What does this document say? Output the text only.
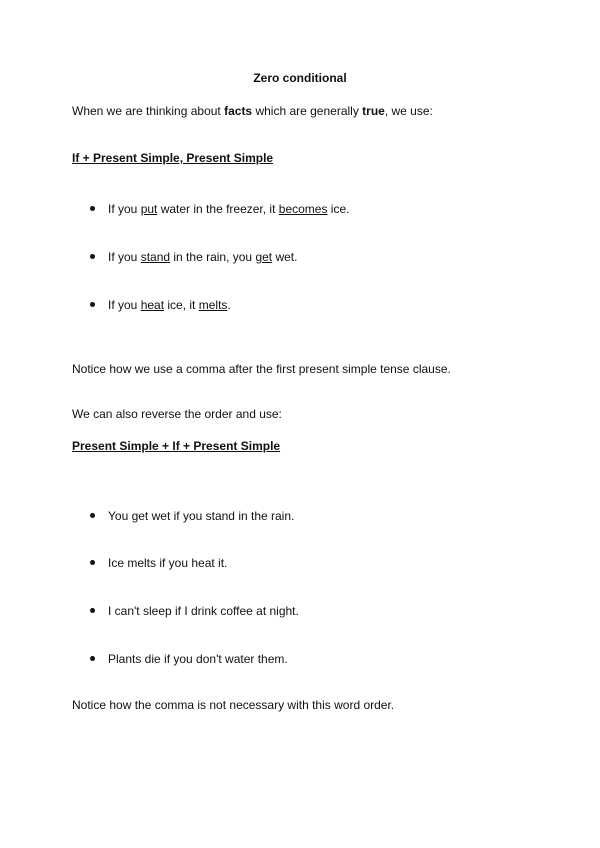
Zero conditional
When we are thinking about facts which are generally true, we use:
If + Present Simple, Present Simple
If you put water in the freezer, it becomes ice.
If you stand in the rain, you get wet.
If you heat ice, it melts.
Notice how we use a comma after the first present simple tense clause.
We can also reverse the order and use:
Present Simple + If + Present Simple
You get wet if you stand in the rain.
Ice melts if you heat it.
I can't sleep if I drink coffee at night.
Plants die if you don't water them.
Notice how the comma is not necessary with this word order.
